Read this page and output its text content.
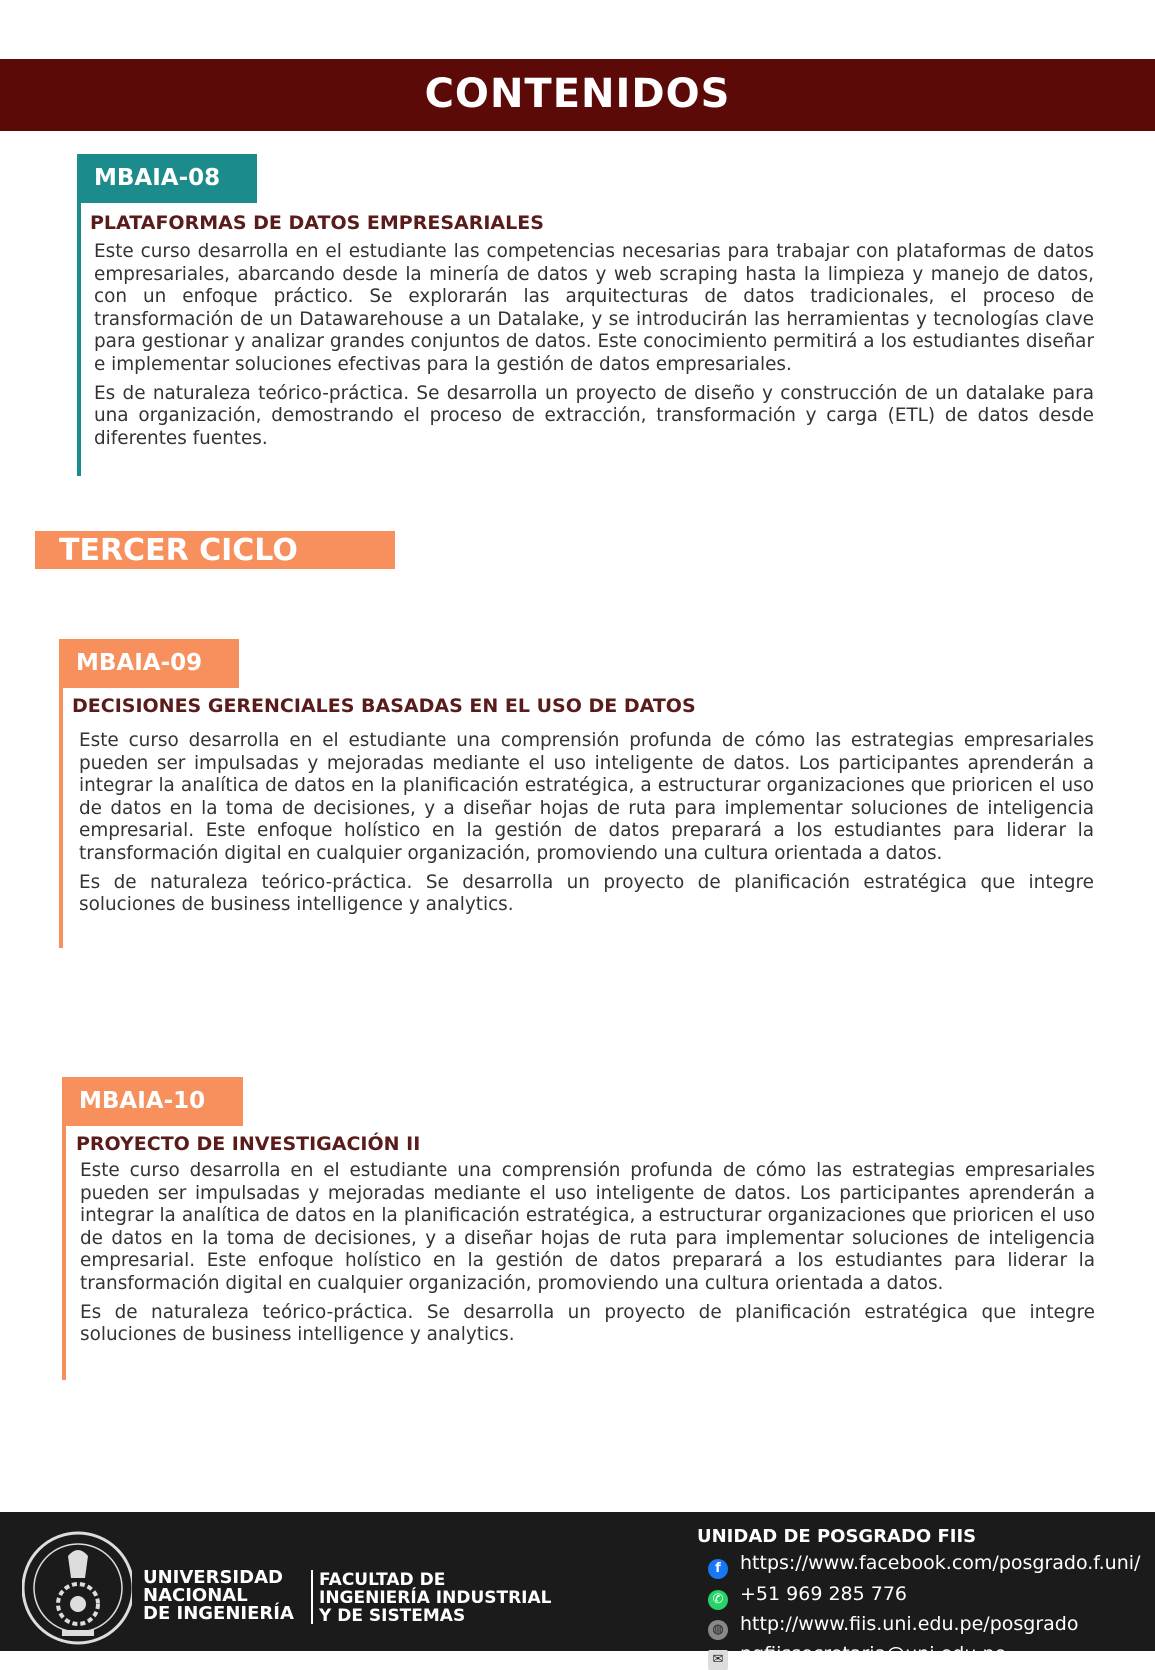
CONTENIDOS
MBAIA-08
PLATAFORMAS DE DATOS EMPRESARIALES

Este curso desarrolla en el estudiante las competencias necesarias para trabajar con plataformas de datos empresariales, abarcando desde la minería de datos y web scraping hasta la limpieza y manejo de datos, con un enfoque práctico. Se explorarán las arquitecturas de datos tradicionales, el proceso de transformación de un Datawarehouse a un Datalake, y se introducirán las herramientas y tecnologías clave para gestionar y analizar grandes conjuntos de datos. Este conocimiento permitirá a los estudiantes diseñar e implementar soluciones efectivas para la gestión de datos empresariales.

Es de naturaleza teórico-práctica. Se desarrolla un proyecto de diseño y construcción de un datalake para una organización, demostrando el proceso de extracción, transformación y carga (ETL) de datos desde diferentes fuentes.

TERCER CICLO
MBAIA-09
DECISIONES GERENCIALES BASADAS EN EL USO DE DATOS

Este curso desarrolla en el estudiante una comprensión profunda de cómo las estrategias empresariales pueden ser impulsadas y mejoradas mediante el uso inteligente de datos. Los participantes aprenderán a integrar la analítica de datos en la planificación estratégica, a estructurar organizaciones que prioricen el uso de datos en la toma de decisiones, y a diseñar hojas de ruta para implementar soluciones de inteligencia empresarial. Este enfoque holístico en la gestión de datos preparará a los estudiantes para liderar la transformación digital en cualquier organización, promoviendo una cultura orientada a datos.

Es de naturaleza teórico-práctica. Se desarrolla un proyecto de planificación estratégica que integre soluciones de business intelligence y analytics.

MBAIA-10
PROYECTO DE INVESTIGACIÓN II

Este curso desarrolla en el estudiante una comprensión profunda de cómo las estrategias empresariales pueden ser impulsadas y mejoradas mediante el uso inteligente de datos. Los participantes aprenderán a integrar la analítica de datos en la planificación estratégica, a estructurar organizaciones que prioricen el uso de datos en la toma de decisiones, y a diseñar hojas de ruta para implementar soluciones de inteligencia empresarial. Este enfoque holístico en la gestión de datos preparará a los estudiantes para liderar la transformación digital en cualquier organización, promoviendo una cultura orientada a datos.

Es de naturaleza teórico-práctica. Se desarrolla un proyecto de planificación estratégica que integre soluciones de business intelligence y analytics.

UNIVERSIDAD
NACIONAL
DE INGENIERÍA
FACULTAD DE
INGENIERÍA INDUSTRIAL
Y DE SISTEMAS
UNIDAD DE POSGRADO FIIS
f https://www.facebook.com/posgrado.f.uni/
✆ +51 969 285 776
◍ http://www.fiis.uni.edu.pe/posgrado
✉ pgfiissecretaria@uni.edu.pe
